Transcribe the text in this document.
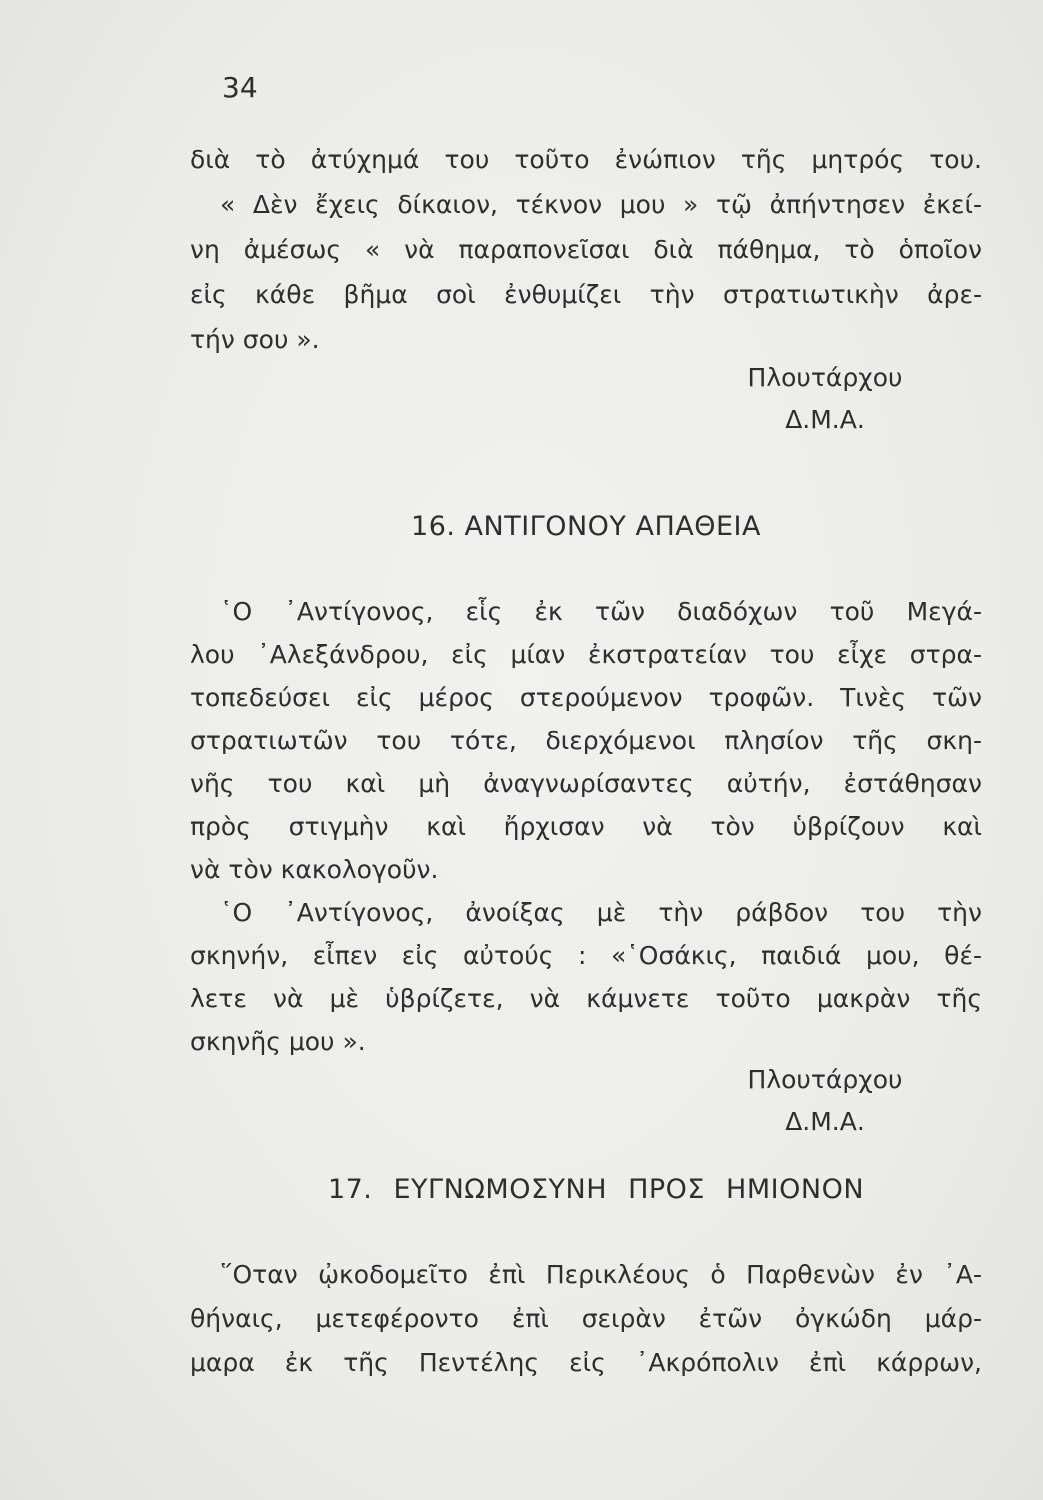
34
διὰ τὸ ἀτύχημά του τοῦτο ἐνώπιον τῆς μητρός του.
« Δὲν ἔχεις δίκαιον, τέκνον μου » τῷ ἀπήντησεν ἐκεί-
νη ἀμέσως « νὰ παραπονεῖσαι διὰ πάθημα, τὸ ὁποῖον
εἰς κάθε βῆμα σοὶ ἐνθυμίζει τὴν στρατιωτικὴν ἀρε-
τήν σου ».
Πλουτάρχου
Δ.Μ.Α.
16. ΑΝΤΙΓΟΝΟΥ ΑΠΑΘΕΙΑ
῾Ο ᾿Αντίγονος, εἷς ἐκ τῶν διαδόχων τοῦ Μεγά-
λου ᾿Αλεξάνδρου, εἰς μίαν ἐκστρατείαν του εἶχε στρα-
τοπεδεύσει εἰς μέρος στερούμενον τροφῶν. Τινὲς τῶν
στρατιωτῶν του τότε, διερχόμενοι πλησίον τῆς σκη-
νῆς του καὶ μὴ ἀναγνωρίσαντες αὐτήν, ἐστάθησαν
πρὸς στιγμὴν καὶ ἤρχισαν νὰ τὸν ὑβρίζουν καὶ
νὰ τὸν κακολογοῦν.
῾Ο ᾿Αντίγονος, ἀνοίξας μὲ τὴν ράβδον του τὴν
σκηνήν, εἶπεν εἰς αὐτούς : «῾Οσάκις, παιδιά μου, θέ-
λετε νὰ μὲ ὑβρίζετε, νὰ κάμνετε τοῦτο μακρὰν τῆς
σκηνῆς μου ».
Πλουτάρχου
Δ.Μ.Α.
17. ΕΥΓΝΩΜΟΣΥΝΗ ΠΡΟΣ ΗΜΙΟΝΟΝ
῞Οταν ᾠκοδομεῖτο ἐπὶ Περικλέους ὁ Παρθενὼν ἐν ᾿Α-
θήναις, μετεφέροντο ἐπὶ σειρὰν ἐτῶν ὀγκώδη μάρ-
μαρα ἐκ τῆς Πεντέλης εἰς ᾿Ακρόπολιν ἐπὶ κάρρων,
